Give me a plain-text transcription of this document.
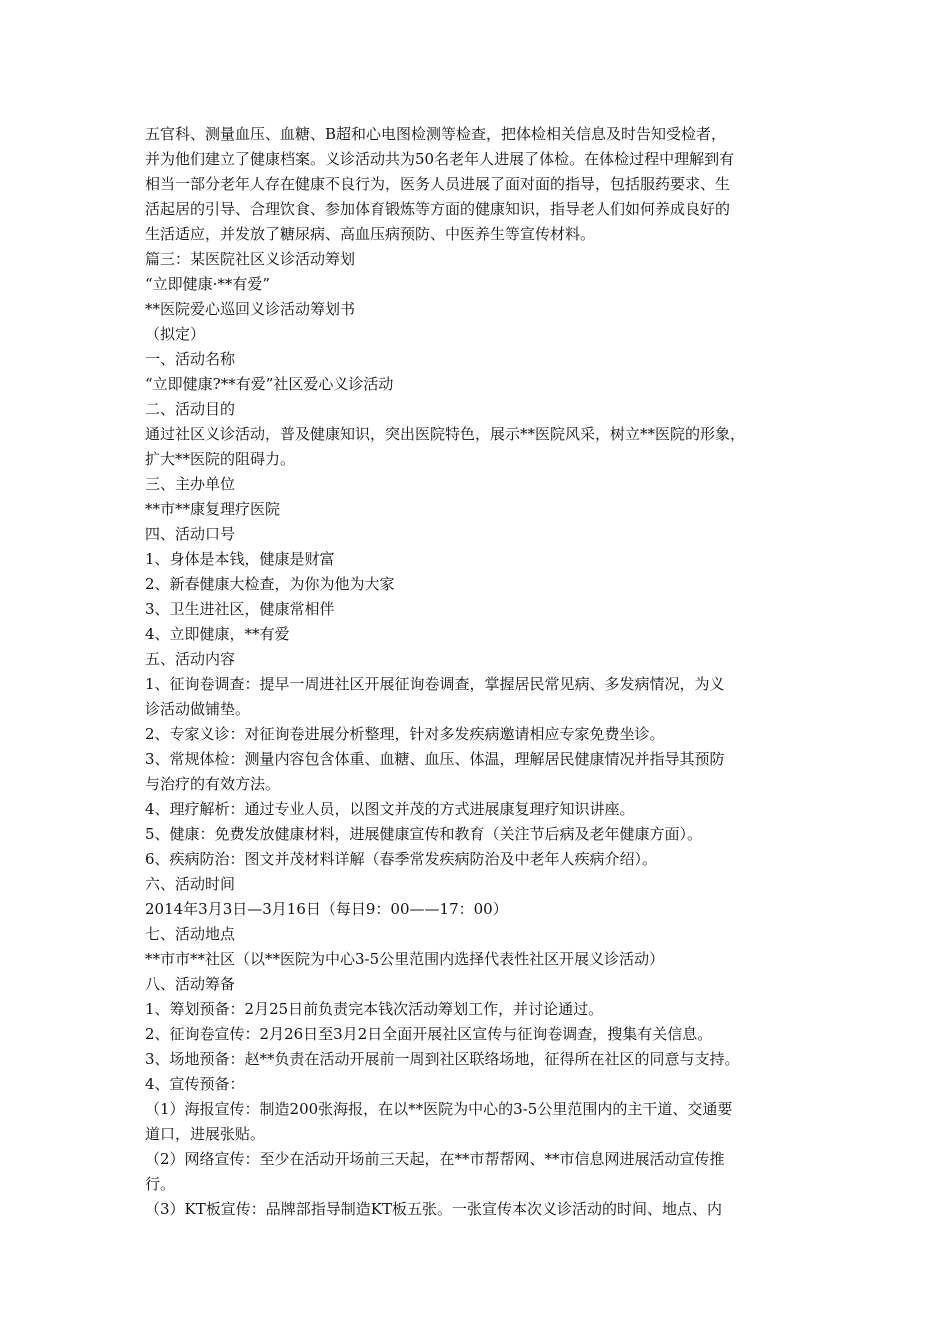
五官科、测量血压、血糖、B超和心电图检测等检查，把体检相关信息及时告知受检者，
并为他们建立了健康档案。义诊活动共为50名老年人进展了体检。在体检过程中理解到有
相当一部分老年人存在健康不良行为，医务人员进展了面对面的指导，包括服药要求、生
活起居的引导、合理饮食、参加体育锻炼等方面的健康知识，指导老人们如何养成良好的
生活适应，并发放了糖尿病、高血压病预防、中医养生等宣传材料。
篇三：某医院社区义诊活动筹划
“立即健康·**有爱”
**医院爱心巡回义诊活动筹划书
（拟定）
一、活动名称
“立即健康?**有爱”社区爱心义诊活动
二、活动目的
通过社区义诊活动，普及健康知识，突出医院特色，展示**医院风采，树立**医院的形象，
扩大**医院的阻碍力。
三、主办单位
**市**康复理疗医院
四、活动口号
1、身体是本钱，健康是财富
2、新春健康大检查，为你为他为大家
3、卫生进社区，健康常相伴
4、立即健康，**有爱
五、活动内容
1、征询卷调查：提早一周进社区开展征询卷调查，掌握居民常见病、多发病情况，为义
诊活动做铺垫。
2、专家义诊：对征询卷进展分析整理，针对多发疾病邀请相应专家免费坐诊。
3、常规体检：测量内容包含体重、血糖、血压、体温，理解居民健康情况并指导其预防
与治疗的有效方法。
4、理疗解析：通过专业人员，以图文并茂的方式进展康复理疗知识讲座。
5、健康：免费发放健康材料，进展健康宣传和教育（关注节后病及老年健康方面）。
6、疾病防治：图文并茂材料详解（春季常发疾病防治及中老年人疾病介绍）。
六、活动时间
2014年3月3日—3月16日（每日9：00——17：00）
七、活动地点
**市市**社区（以**医院为中心3-5公里范围内选择代表性社区开展义诊活动）
八、活动筹备
1、筹划预备：2月25日前负责完本钱次活动筹划工作，并讨论通过。
2、征询卷宣传：2月26日至3月2日全面开展社区宣传与征询卷调查，搜集有关信息。
3、场地预备：赵**负责在活动开展前一周到社区联络场地，征得所在社区的同意与支持。
4、宣传预备：
（1）海报宣传：制造200张海报，在以**医院为中心的3-5公里范围内的主干道、交通要
道口，进展张贴。
（2）网络宣传：至少在活动开场前三天起，在**市帮帮网、**市信息网进展活动宣传推
行。
（3）KT板宣传：品牌部指导制造KT板五张。一张宣传本次义诊活动的时间、地点、内
